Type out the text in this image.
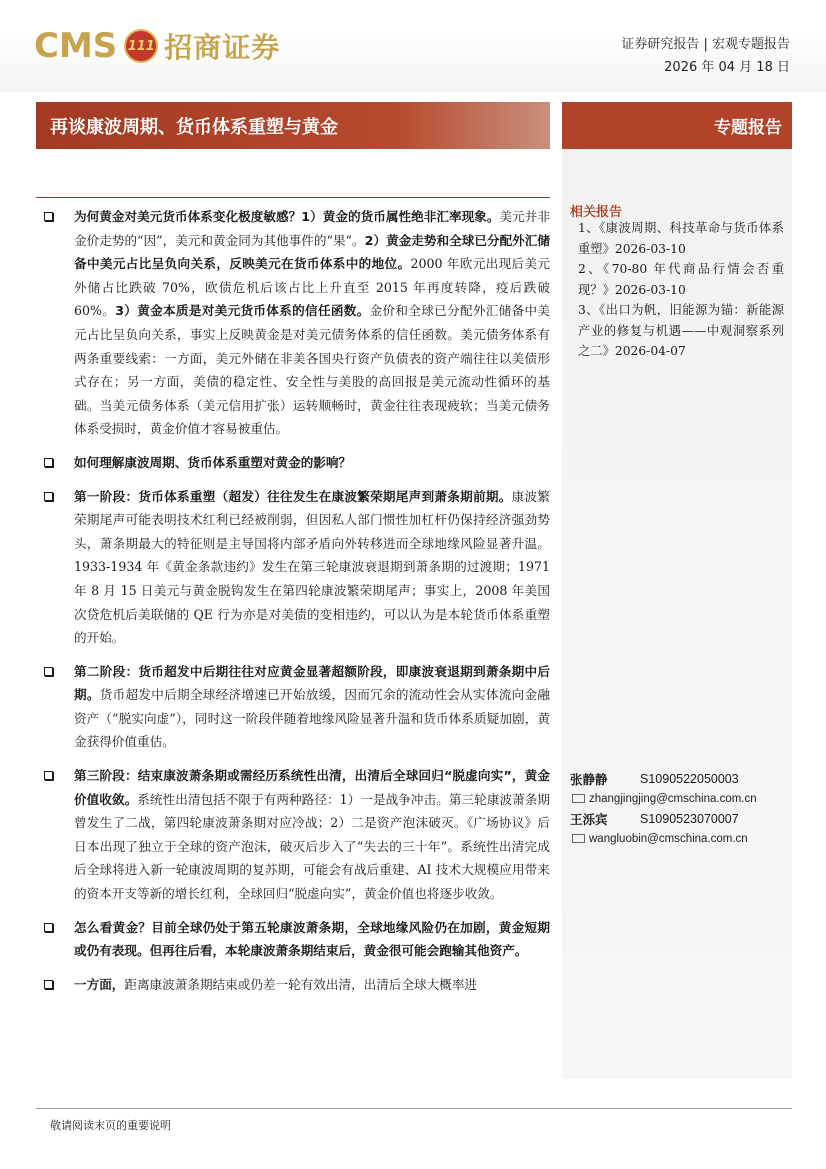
CMS 111 招商证券	证券研究报告 | 宏观专题报告
2026 年 04 月 18 日
再谈康波周期、货币体系重塑与黄金	专题报告
相关报告
1、《康波周期、科技革命与货币体系重塑》2026-03-10
2、《70-80 年代商品行情会否重现？》2026-03-10
3、《出口为帆，旧能源为锚：新能源产业的修复与机遇——中观洞察系列之二》2026-04-07
张静静	S1090522050003
zhangjingjing@cmschina.com.cn
王泺宾	S1090523070007
wangluobin@cmschina.com.cn
为何黄金对美元货币体系变化极度敏感？1）黄金的货币属性绝非汇率现象。美元并非金价走势的“因”，美元和黄金同为其他事件的“果”。2）黄金走势和全球已分配外汇储备中美元占比呈负向关系，反映美元在货币体系中的地位。2000 年欧元出现后美元外储占比跌破 70%，欧债危机后该占比上升直至 2015 年再度转降，疫后跌破 60%。3）黄金本质是对美元货币体系的信任函数。金价和全球已分配外汇储备中美元占比呈负向关系，事实上反映黄金是对美元债务体系的信任函数。美元债务体系有两条重要线索：一方面，美元外储在非美各国央行资产负债表的资产端往往以美债形式存在；另一方面，美债的稳定性、安全性与美股的高回报是美元流动性循环的基础。当美元债务体系（美元信用扩张）运转顺畅时，黄金往往表现疲软；当美元债务体系受损时，黄金价值才容易被重估。
如何理解康波周期、货币体系重塑对黄金的影响？
第一阶段：货币体系重塑（超发）往往发生在康波繁荣期尾声到萧条期前期。康波繁荣期尾声可能表明技术红利已经被削弱，但因私人部门惯性加杠杆仍保持经济强劲势头，萧条期最大的特征则是主导国将内部矛盾向外转移进而全球地缘风险显著升温。1933-1934 年《黄金条款违约》发生在第三轮康波衰退期到萧条期的过渡期；1971 年 8 月 15 日美元与黄金脱钩发生在第四轮康波繁荣期尾声；事实上，2008 年美国次贷危机后美联储的 QE 行为亦是对美债的变相违约，可以认为是本轮货币体系重塑的开始。
第二阶段：货币超发中后期往往对应黄金显著超额阶段，即康波衰退期到萧条期中后期。货币超发中后期全球经济增速已开始放缓，因而冗余的流动性会从实体流向金融资产（“脱实向虚”），同时这一阶段伴随着地缘风险显著升温和货币体系质疑加剧，黄金获得价值重估。
第三阶段：结束康波萧条期或需经历系统性出清，出清后全球回归“脱虚向实”，黄金价值收敛。系统性出清包括不限于有两种路径：1）一是战争冲击。第三轮康波萧条期曾发生了二战，第四轮康波萧条期对应冷战；2）二是资产泡沫破灭。《广场协议》后日本出现了独立于全球的资产泡沫，破灭后步入了“失去的三十年”。系统性出清完成后全球将进入新一轮康波周期的复苏期，可能会有战后重建、AI 技术大规模应用带来的资本开支等新的增长红利，全球回归“脱虚向实”，黄金价值也将逐步收敛。
怎么看黄金？目前全球仍处于第五轮康波萧条期，全球地缘风险仍在加剧，黄金短期或仍有表现。但再往后看，本轮康波萧条期结束后，黄金很可能会跑输其他资产。
一方面，距离康波萧条期结束或仍差一轮有效出清，出清后全球大概率进
敬请阅读末页的重要说明
